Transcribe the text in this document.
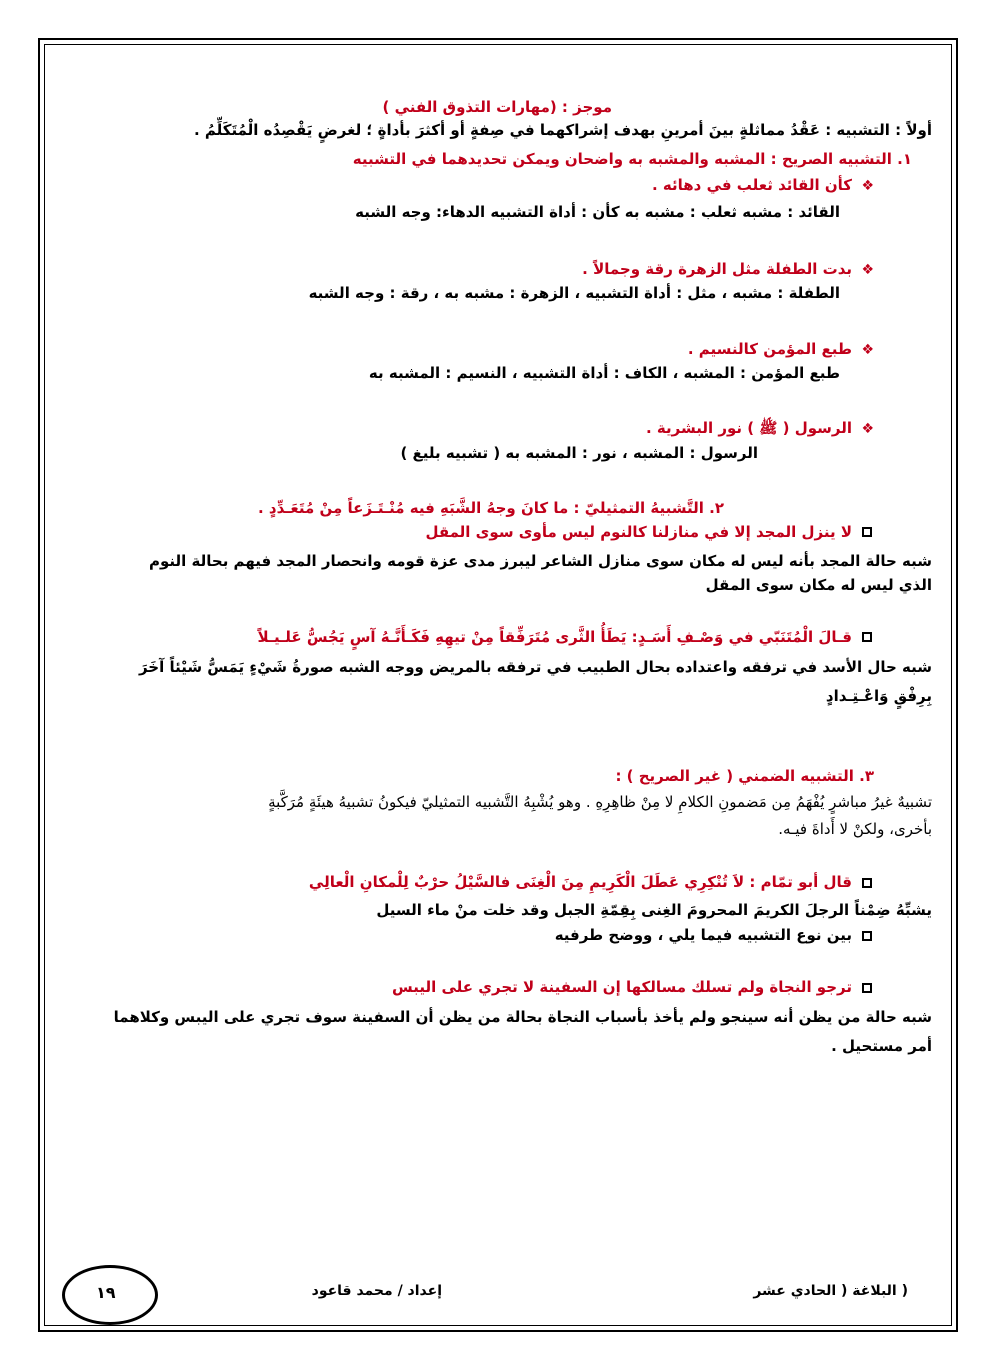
موجز : (مهارات التذوق الفني )
أولاً : التشبيه : عَقْدُ مماثلةٍ بينَ أمرينِ بهدف إشراكهما في صِفةٍ أو أكثرَ بأداةٍ ؛ لغرضٍ يَقْصِدُه الْمُتَكَلِّمُ .
١. التشبيه الصريح : المشبه والمشبه به واضحان ويمكن تحديدهما في التشبيه
❖
كأن القائد ثعلب في دهائه .
القائد : مشبه ثعلب : مشبه به كأن : أداة التشبيه الدهاء: وجه الشبه
❖
بدت الطفلة مثل الزهرة رقة وجمالاً .
الطفلة : مشبه ، مثل : أداة التشبيه ، الزهرة : مشبه به ، رقة : وجه الشبه
❖
طبع المؤمن كالنسيم .
طبع المؤمن : المشبه ، الكاف : أداة التشبيه ، النسيم : المشبه به
❖
الرسول ( ﷺ ) نور البشرية .
الرسول : المشبه ، نور : المشبه به ( تشبيه بليغ )
٢. التَّشبيهُ التمثيليّ : ما كانَ وجهُ الشَّبَهِ فيه مُنْـتَـزَعاً مِنْ مُتَعَـدِّدٍ .
لا ينزل المجد إلا في منازلنا كالنوم ليس مأوى سوى المقل
شبه حالة المجد بأنه ليس له مكان سوى منازل الشاعر ليبرز مدى عزة قومه وانحصار المجد فيهم بحالة النوم
الذي ليس له مكان سوى المقل
قـالَ الْمُتَنَبّي في وَصْـفِ أَسَـدٍ: يَطَأُ الثَّرى مُتَرَفِّقاً مِنْ تيهِهِ فَكَـأَنَّـهُ آسٍ يَجُسُّ عَلـيـلاً
شبه حال الأسد في ترفقه واعتداده بحال الطبيب في ترفقه بالمريض ووجه الشبه صورةُ شَيْءٍ يَمَسُّ شَيْئاً آخَرَ
بِرِفْقٍ وَاعْـتِـدادٍ
٣. التشبيه الضمني ( غير الصريح ) :
تشبيهٌ غيرُ مباشرٍ يُفْهَمُ مِن مَضمونِ الكلامِ لا مِنْ ظاهِرِهِ . وهو يُشْبِهُ التَّشبيه التمثيليّ فيكونُ تشبيهُ هيئَةٍ مُرَكَّبةٍ
بأخرى، ولكنْ لا أَداةَ فيـه.
قال أبو تمّام : لاَ تُنْكِرِي عَطَلَ الْكَرِيمِ مِنَ الْغِنَى فالسَّيْلُ حرْبٌ لِلْمكانِ الْعالِي
يشبِّهُ ضِمْناً الرجلَ الكريمَ المحرومَ الغِنى بِقِمّةِ الجبل وقد خلت منْ ماء السيل
بين نوع التشبيه فيما يلي ، ووضح طرفيه
ترجو النجاة ولم تسلك مسالكها إن السفينة لا تجري على اليبس
شبه حالة من يظن أنه سينجو ولم يأخذ بأسباب النجاة بحالة من يظن أن السفينة سوف تجري على اليبس وكلاهما
أمر مستحيل .
( البلاغة ( الحادي عشر
إعداد / محمد قاعود
١٩
